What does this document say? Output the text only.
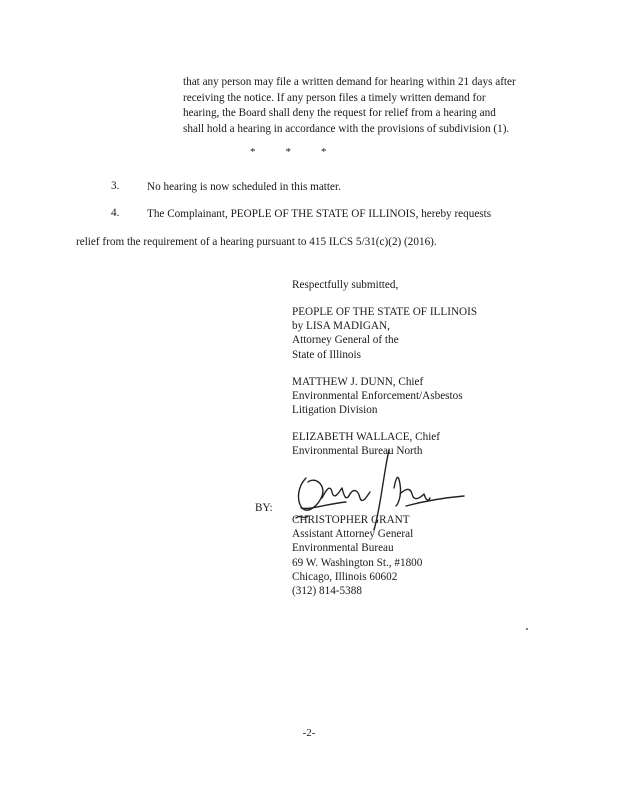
that any person may file a written demand for hearing within 21 days after
receiving the notice. If any person files a timely written demand for
hearing, the Board shall deny the request for relief from a hearing and
shall hold a hearing in accordance with the provisions of subdivision (1).
*	*	*
3. No hearing is now scheduled in this matter.
4. The Complainant, PEOPLE OF THE STATE OF ILLINOIS, hereby requests
relief from the requirement of a hearing pursuant to 415 ILCS 5/31(c)(2) (2016).
Respectfully submitted,
PEOPLE OF THE STATE OF ILLINOIS
by LISA MADIGAN,
Attorney General of the
State of Illinois
MATTHEW J. DUNN, Chief
Environmental Enforcement/Asbestos
Litigation Division
ELIZABETH WALLACE, Chief
Environmental Bureau North
BY:
CHRISTOPHER GRANT
Assistant Attorney General
Environmental Bureau
69 W. Washington St., #1800
Chicago, Illinois 60602
(312) 814-5388
-2-
